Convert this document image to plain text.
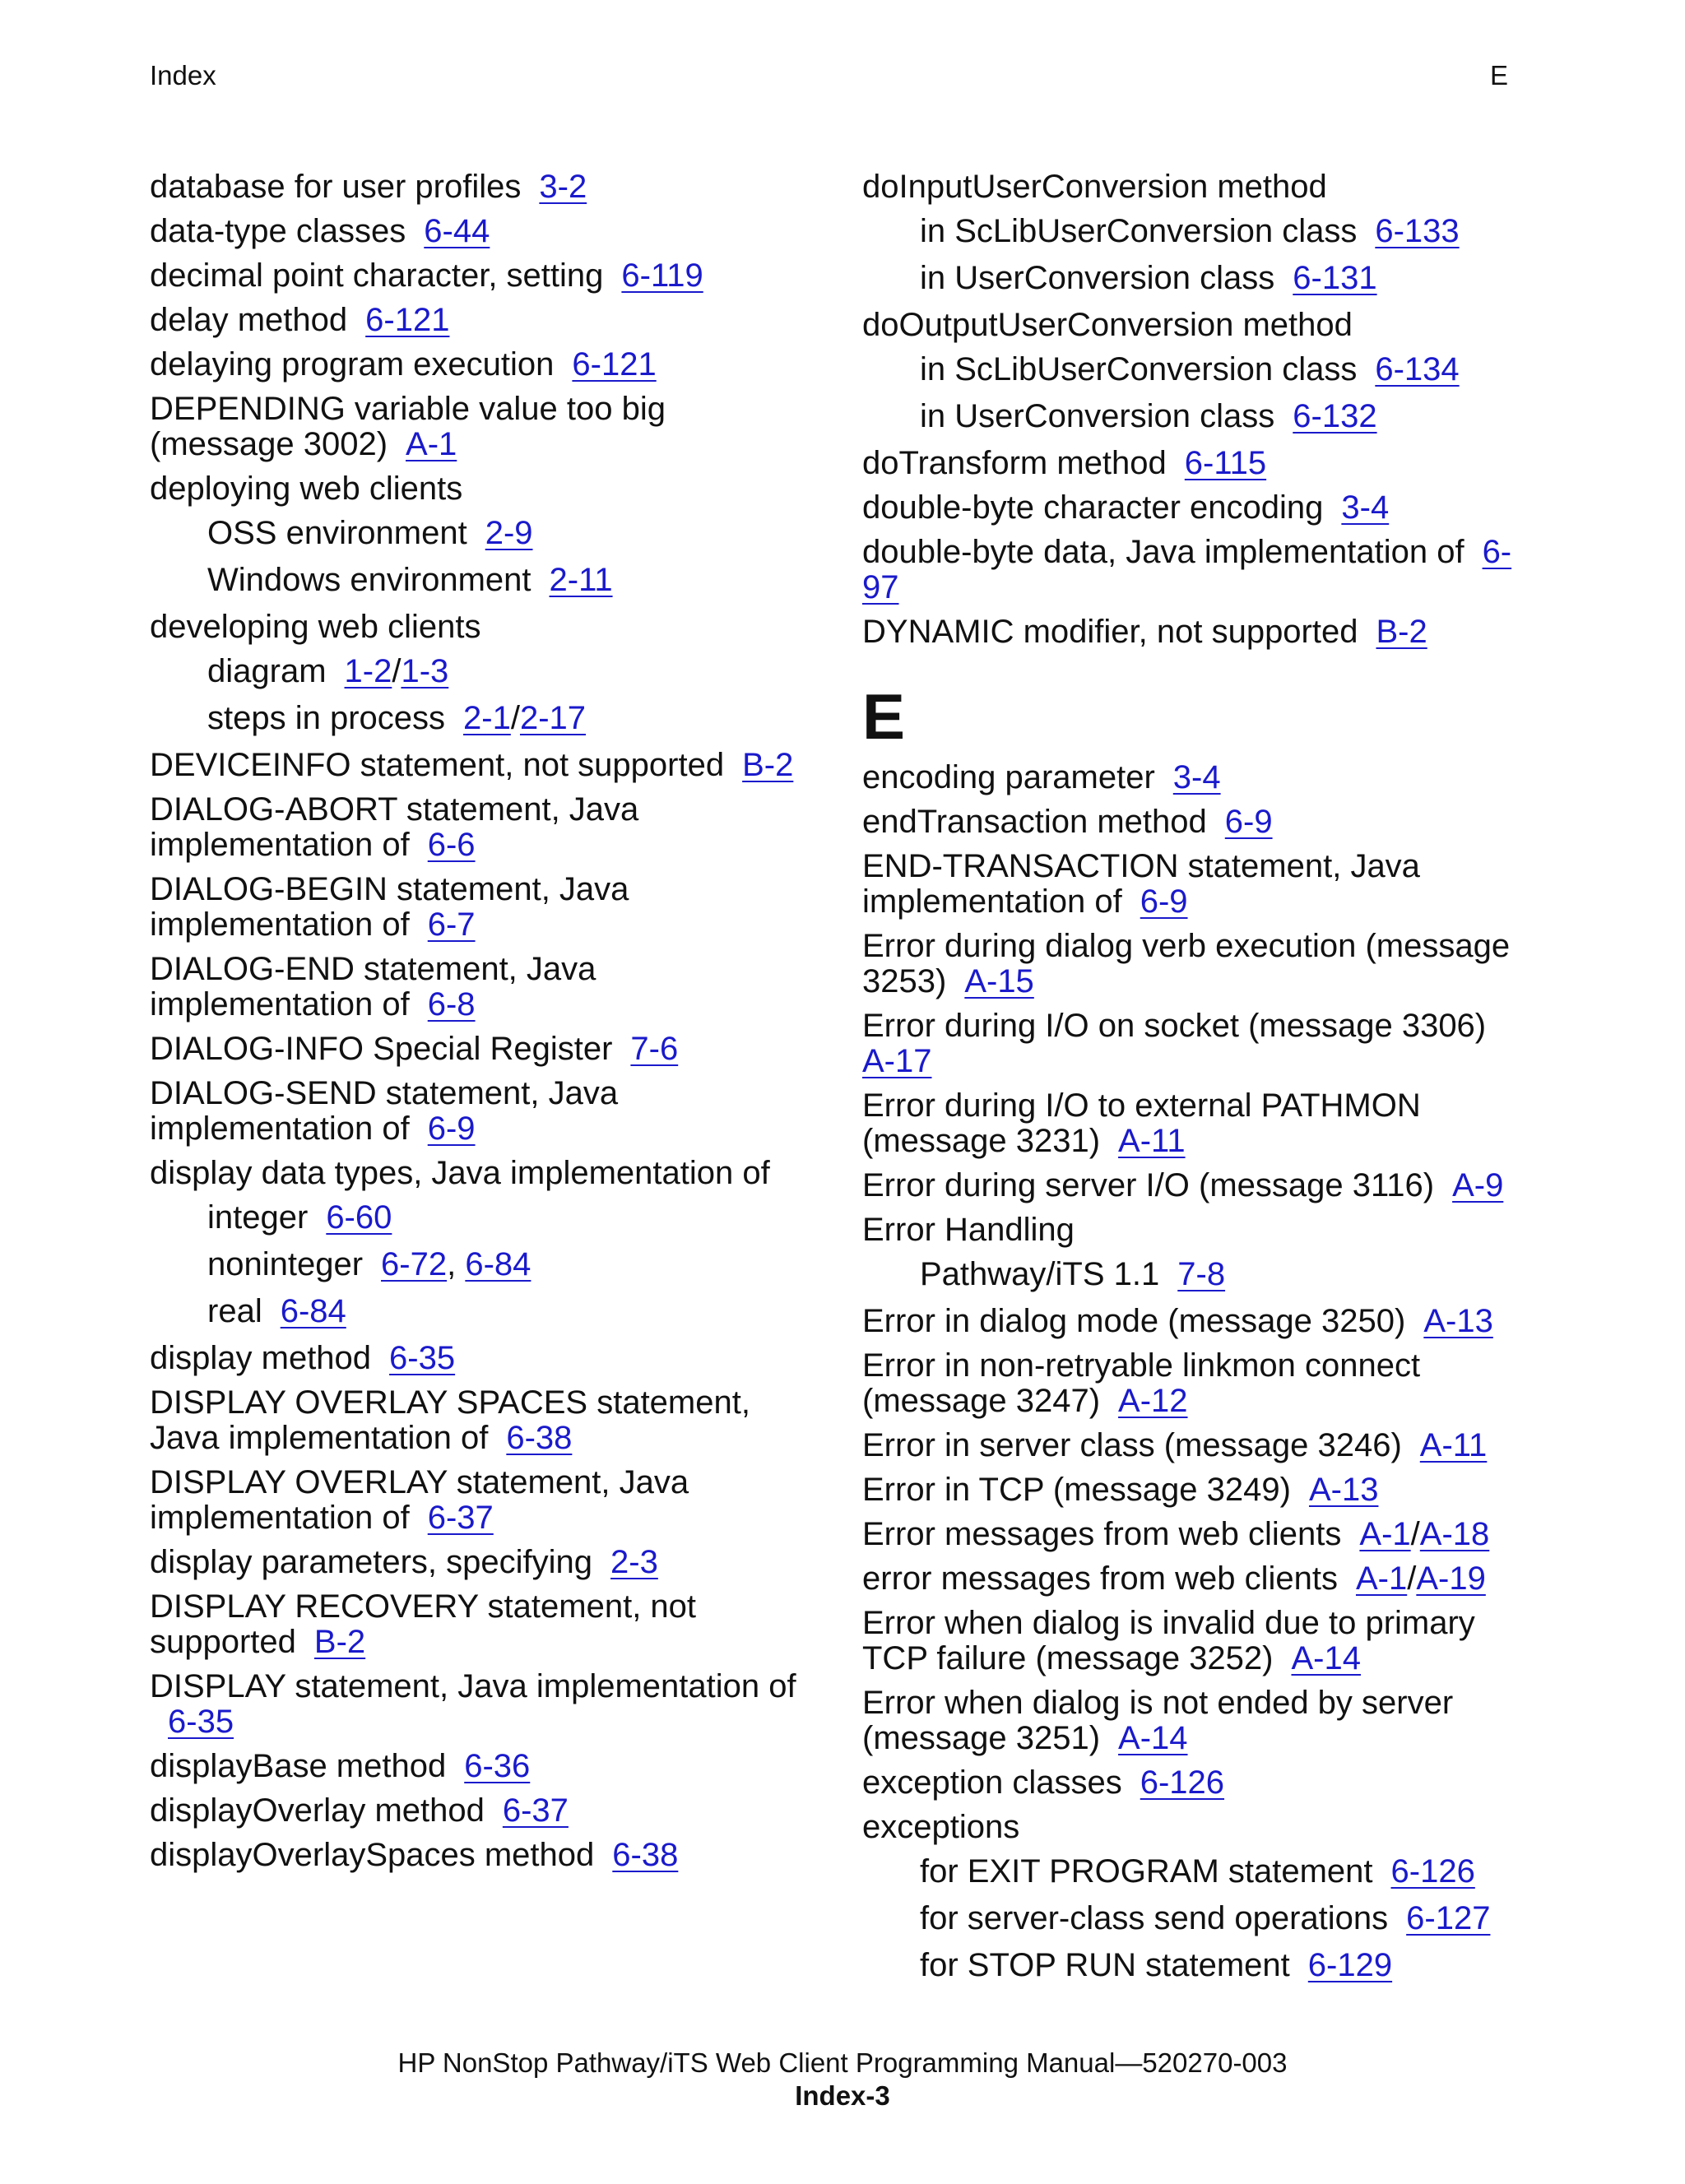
Index	E
database for user profiles 3-2
data-type classes 6-44
decimal point character, setting 6-119
delay method 6-121
delaying program execution 6-121
DEPENDING variable value too big (message 3002) A-1
deploying web clients
OSS environment 2-9
Windows environment 2-11
developing web clients
diagram 1-2/1-3
steps in process 2-1/2-17
DEVICEINFO statement, not supported B-2
DIALOG-ABORT statement, Java implementation of 6-6
DIALOG-BEGIN statement, Java implementation of 6-7
DIALOG-END statement, Java implementation of 6-8
DIALOG-INFO Special Register 7-6
DIALOG-SEND statement, Java implementation of 6-9
display data types, Java implementation of
integer 6-60
noninteger 6-72, 6-84
real 6-84
display method 6-35
DISPLAY OVERLAY SPACES statement, Java implementation of 6-38
DISPLAY OVERLAY statement, Java implementation of 6-37
display parameters, specifying 2-3
DISPLAY RECOVERY statement, not supported B-2
DISPLAY statement, Java implementation of6-35
displayBase method 6-36
displayOverlay method 6-37
displayOverlaySpaces method 6-38
doInputUserConversion method
in ScLibUserConversion class 6-133
in UserConversion class 6-131
doOutputUserConversion method
in ScLibUserConversion class 6-134
in UserConversion class 6-132
doTransform method 6-115
double-byte character encoding 3-4
double-byte data, Java implementation of 6-97
DYNAMIC modifier, not supported B-2
E
encoding parameter 3-4
endTransaction method 6-9
END-TRANSACTION statement, Java implementation of 6-9
Error during dialog verb execution (message 3253) A-15
Error during I/O on socket (message 3306)A-17
Error during I/O to external PATHMON (message 3231) A-11
Error during server I/O (message 3116) A-9
Error Handling
Pathway/iTS 1.1 7-8
Error in dialog mode (message 3250) A-13
Error in non-retryable linkmon connect (message 3247) A-12
Error in server class (message 3246) A-11
Error in TCP (message 3249) A-13
Error messages from web clients A-1/A-18
error messages from web clients A-1/A-19
Error when dialog is invalid due to primary TCP failure (message 3252) A-14
Error when dialog is not ended by server (message 3251) A-14
exception classes 6-126
exceptions
for EXIT PROGRAM statement 6-126
for server-class send operations 6-127
for STOP RUN statement 6-129
HP NonStop Pathway/iTS Web Client Programming Manual—520270-003
Index-3
